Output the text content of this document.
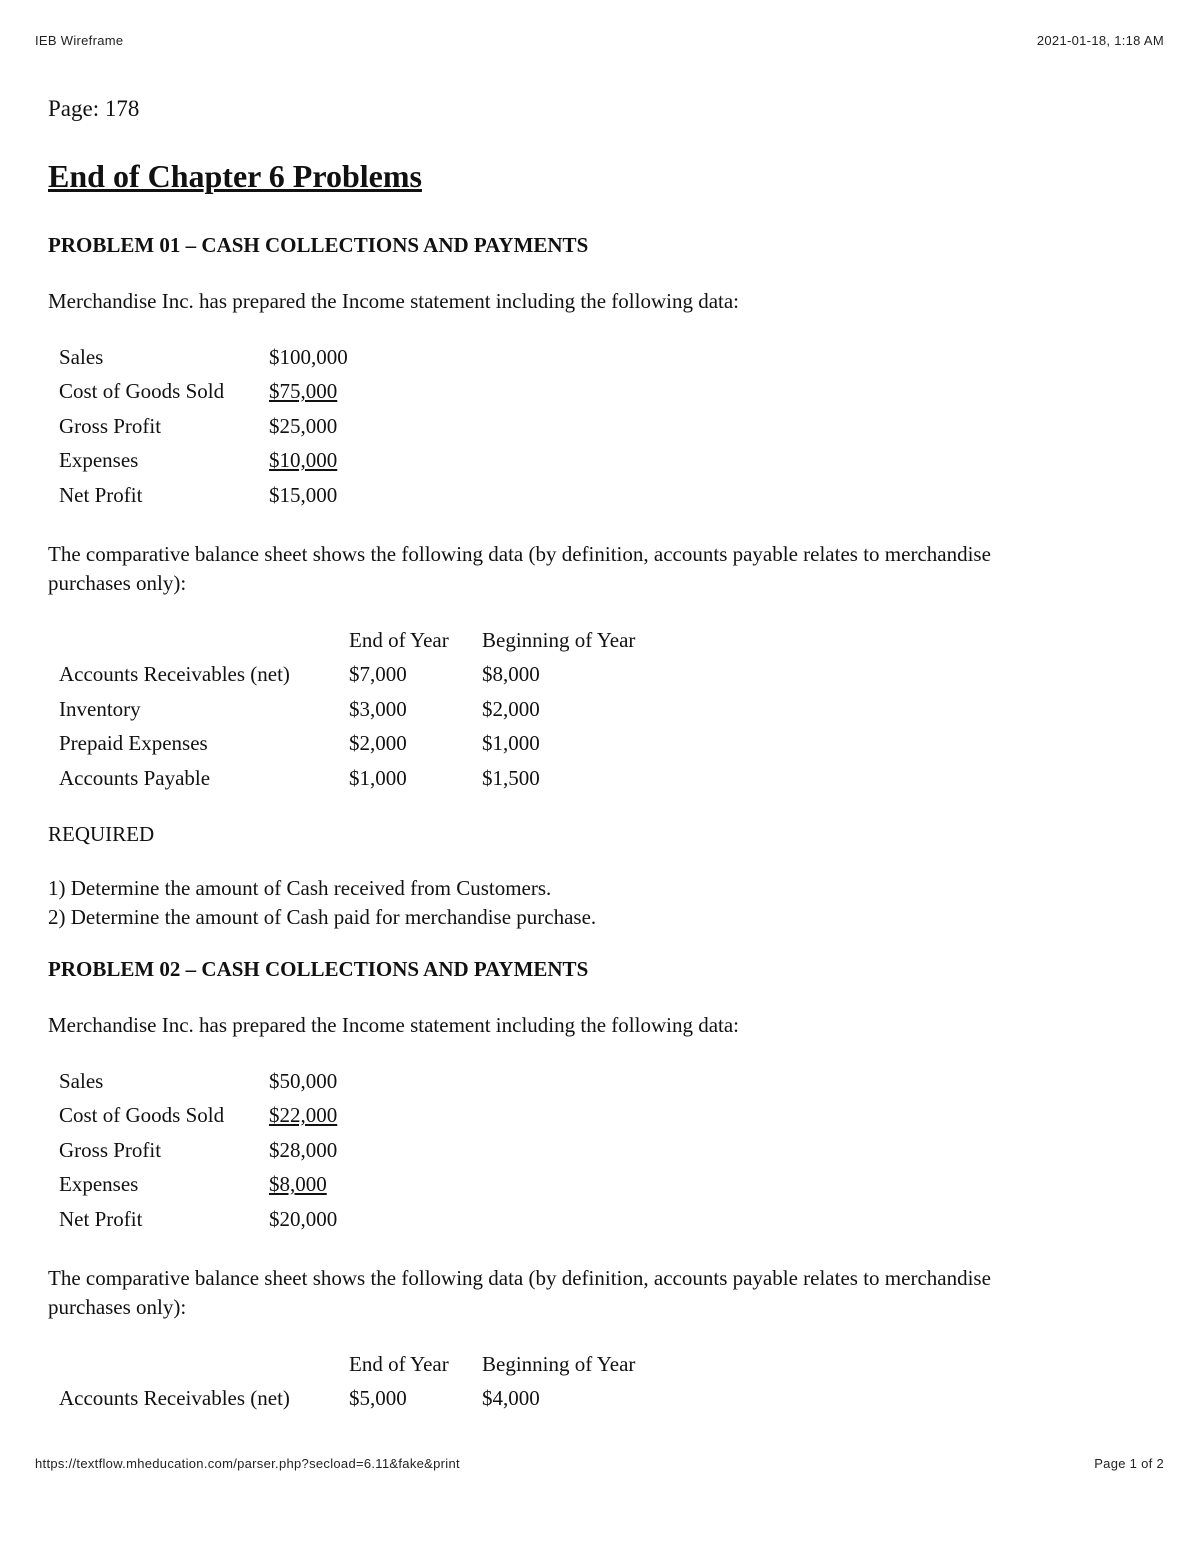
IEB Wireframe	2021-01-18, 1:18 AM
Page: 178
End of Chapter 6 Problems
PROBLEM 01 – CASH COLLECTIONS AND PAYMENTS
Merchandise Inc. has prepared the Income statement including the following data:
Sales	$100,000
Cost of Goods Sold	$75,000
Gross Profit	$25,000
Expenses	$10,000
Net Profit	$15,000
The comparative balance sheet shows the following data (by definition, accounts payable relates to merchandise purchases only):
	End of Year	Beginning of Year
Accounts Receivables (net)	$7,000	$8,000
Inventory	$3,000	$2,000
Prepaid Expenses	$2,000	$1,000
Accounts Payable	$1,000	$1,500
REQUIRED
1) Determine the amount of Cash received from Customers.
2) Determine the amount of Cash paid for merchandise purchase.
PROBLEM 02 – CASH COLLECTIONS AND PAYMENTS
Merchandise Inc. has prepared the Income statement including the following data:
Sales	$50,000
Cost of Goods Sold	$22,000
Gross Profit	$28,000
Expenses	$8,000
Net Profit	$20,000
The comparative balance sheet shows the following data (by definition, accounts payable relates to merchandise purchases only):
	End of Year	Beginning of Year
Accounts Receivables (net)	$5,000	$4,000
https://textflow.mheducation.com/parser.php?secload=6.11&fake&print	Page 1 of 2
